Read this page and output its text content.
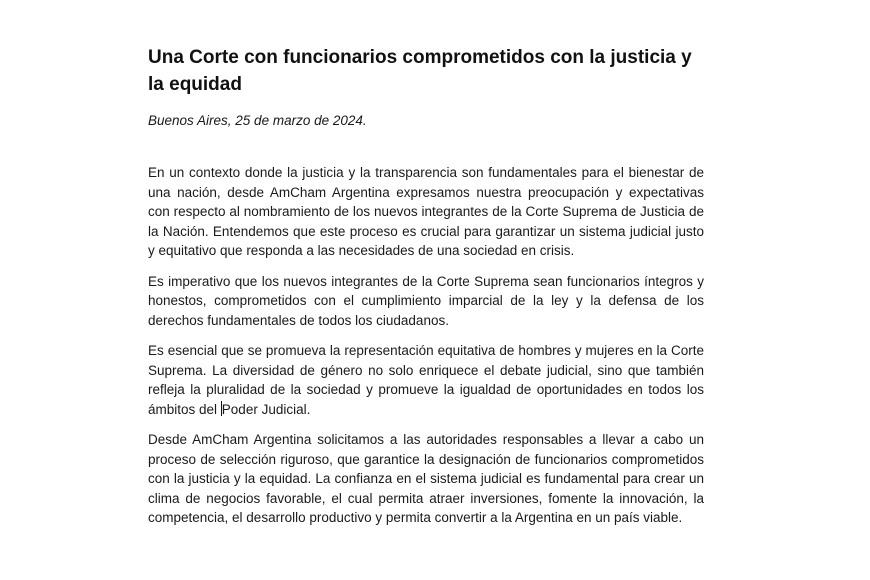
Una Corte con funcionarios comprometidos con la justicia y la equidad

Buenos Aires, 25 de marzo de 2024.

En un contexto donde la justicia y la transparencia son fundamentales para el bienestar de una nación, desde AmCham Argentina expresamos nuestra preocupación y expectativas con respecto al nombramiento de los nuevos integrantes de la Corte Suprema de Justicia de la Nación. Entendemos que este proceso es crucial para garantizar un sistema judicial justo y equitativo que responda a las necesidades de una sociedad en crisis.

Es imperativo que los nuevos integrantes de la Corte Suprema sean funcionarios íntegros y honestos, comprometidos con el cumplimiento imparcial de la ley y la defensa de los derechos fundamentales de todos los ciudadanos.

Es esencial que se promueva la representación equitativa de hombres y mujeres en la Corte Suprema. La diversidad de género no solo enriquece el debate judicial, sino que también refleja la pluralidad de la sociedad y promueve la igualdad de oportunidades en todos los ámbitos del Poder Judicial.

Desde AmCham Argentina solicitamos a las autoridades responsables a llevar a cabo un proceso de selección riguroso, que garantice la designación de funcionarios comprometidos con la justicia y la equidad. La confianza en el sistema judicial es fundamental para crear un clima de negocios favorable, el cual permita atraer inversiones, fomente la innovación, la competencia, el desarrollo productivo y permita convertir a la Argentina en un país viable.
